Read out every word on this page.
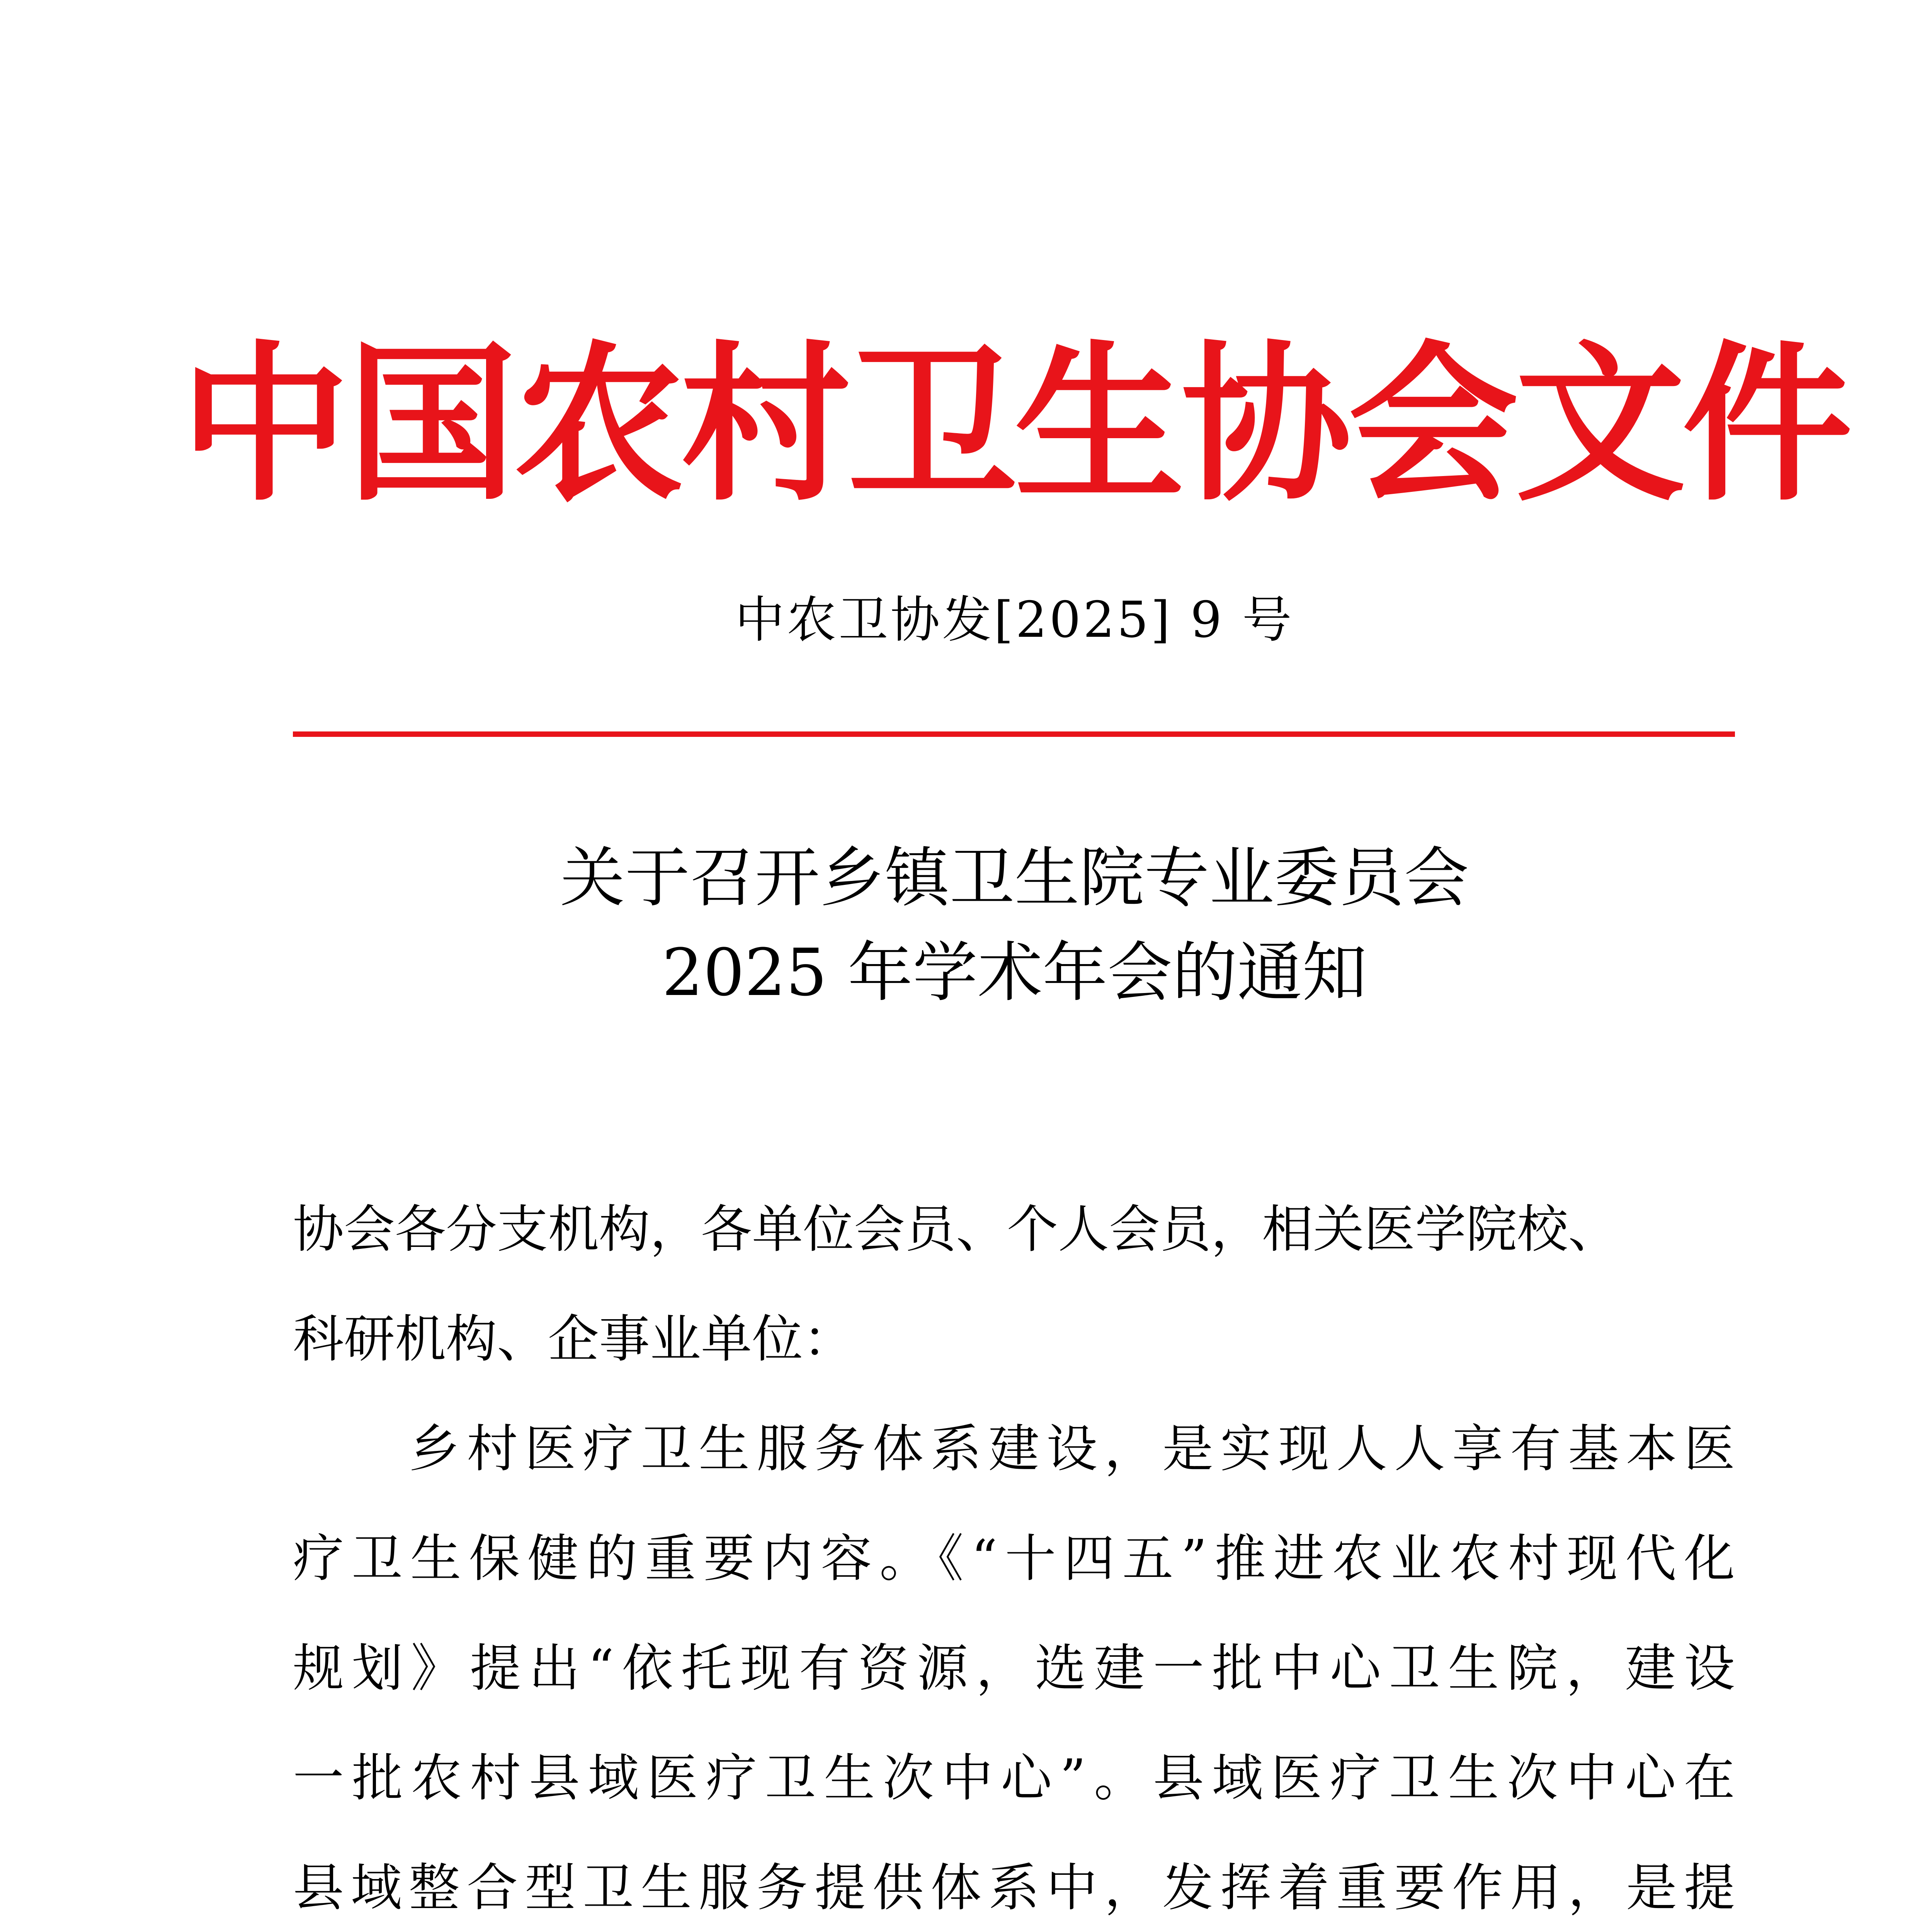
中国农村卫生协会文件
中农卫协发[2025] 9 号
关于召开乡镇卫生院专业委员会
2025 年学术年会的通知
协会各分支机构，各单位会员、个人会员，相关医学院校、
科研机构、企事业单位：
　　乡村医疗卫生服务体系建设，是实现人人享有基本医
疗卫生保健的重要内容。《“十四五”推进农业农村现代化
规划》提出“依托现有资源，选建一批中心卫生院，建设
一批农村县域医疗卫生次中心”。县域医疗卫生次中心在
县域整合型卫生服务提供体系中，发挥着重要作用，是提
